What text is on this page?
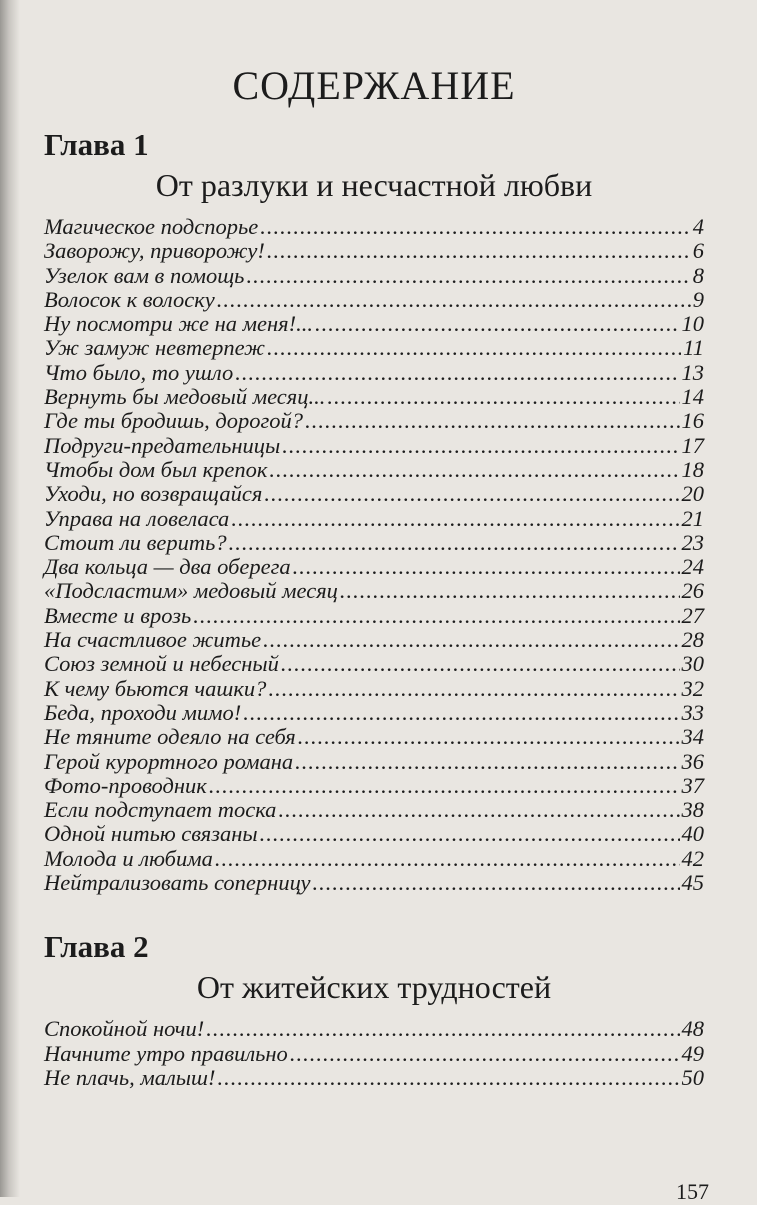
СОДЕРЖАНИЕ
Глава 1
От разлуки и несчастной любви
Магическое подспорье .....	4
Заворожу, приворожу! .....	6
Узелок вам в помощь .....	8
Волосок к волоску .....	9
Ну посмотри же на меня!... .....	10
Уж замуж невтерпеж .....	11
Что было, то ушло .....	13
Вернуть бы медовый месяц... .....	14
Где ты бродишь, дорогой? .....	16
Подруги-предательницы .....	17
Чтобы дом был крепок .....	18
Уходи, но возвращайся .....	20
Управа на ловеласа .....	21
Стоит ли верить? .....	23
Два кольца — два оберега .....	24
«Подсластим» медовый месяц .....	26
Вместе и врозь .....	27
На счастливое житье .....	28
Союз земной и небесный .....	30
К чему бьются чашки? .....	32
Беда, проходи мимо! .....	33
Не тяните одеяло на себя .....	34
Герой курортного романа .....	36
Фото-проводник .....	37
Если подступает тоска .....	38
Одной нитью связаны .....	40
Молода и любима .....	42
Нейтрализовать соперницу .....	45
Глава 2
От житейских трудностей
Спокойной ночи! .....	48
Начните утро правильно .....	49
Не плачь, малыш! .....	50
157
